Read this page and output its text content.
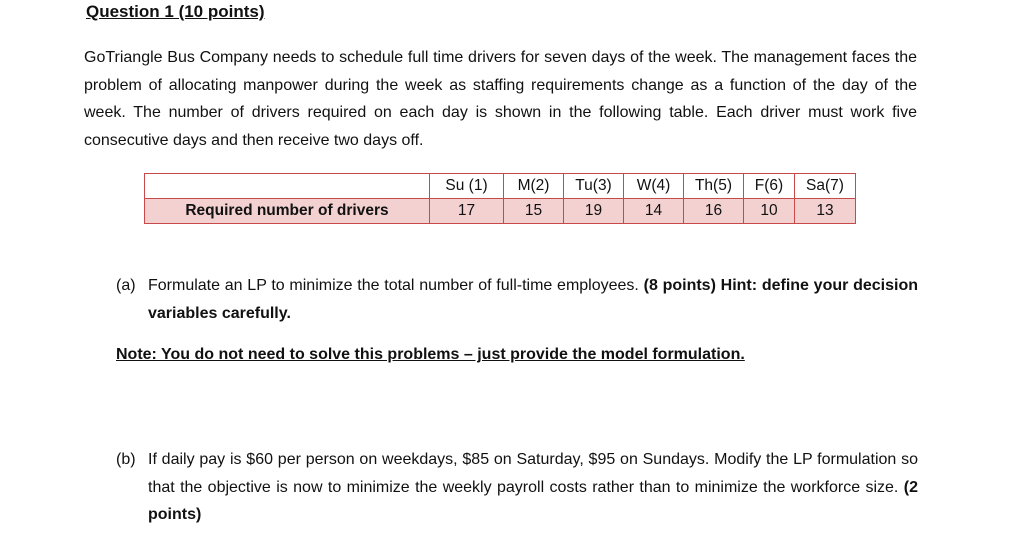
Question 1 (10 points)
GoTriangle Bus Company needs to schedule full time drivers for seven days of the week. The management faces the problem of allocating manpower during the week as staffing requirements change as a function of the day of the week. The number of drivers required on each day is shown in the following table. Each driver must work five consecutive days and then receive two days off.
	Su (1)	M(2)	Tu(3)	W(4)	Th(5)	F(6)	Sa(7)
Required number of drivers	17	15	19	14	16	10	13
(a) Formulate an LP to minimize the total number of full-time employees. (8 points) Hint: define your decision variables carefully.
Note: You do not need to solve this problems – just provide the model formulation.
(b) If daily pay is $60 per person on weekdays, $85 on Saturday, $95 on Sundays. Modify the LP formulation so that the objective is now to minimize the weekly payroll costs rather than to minimize the workforce size. (2 points)
